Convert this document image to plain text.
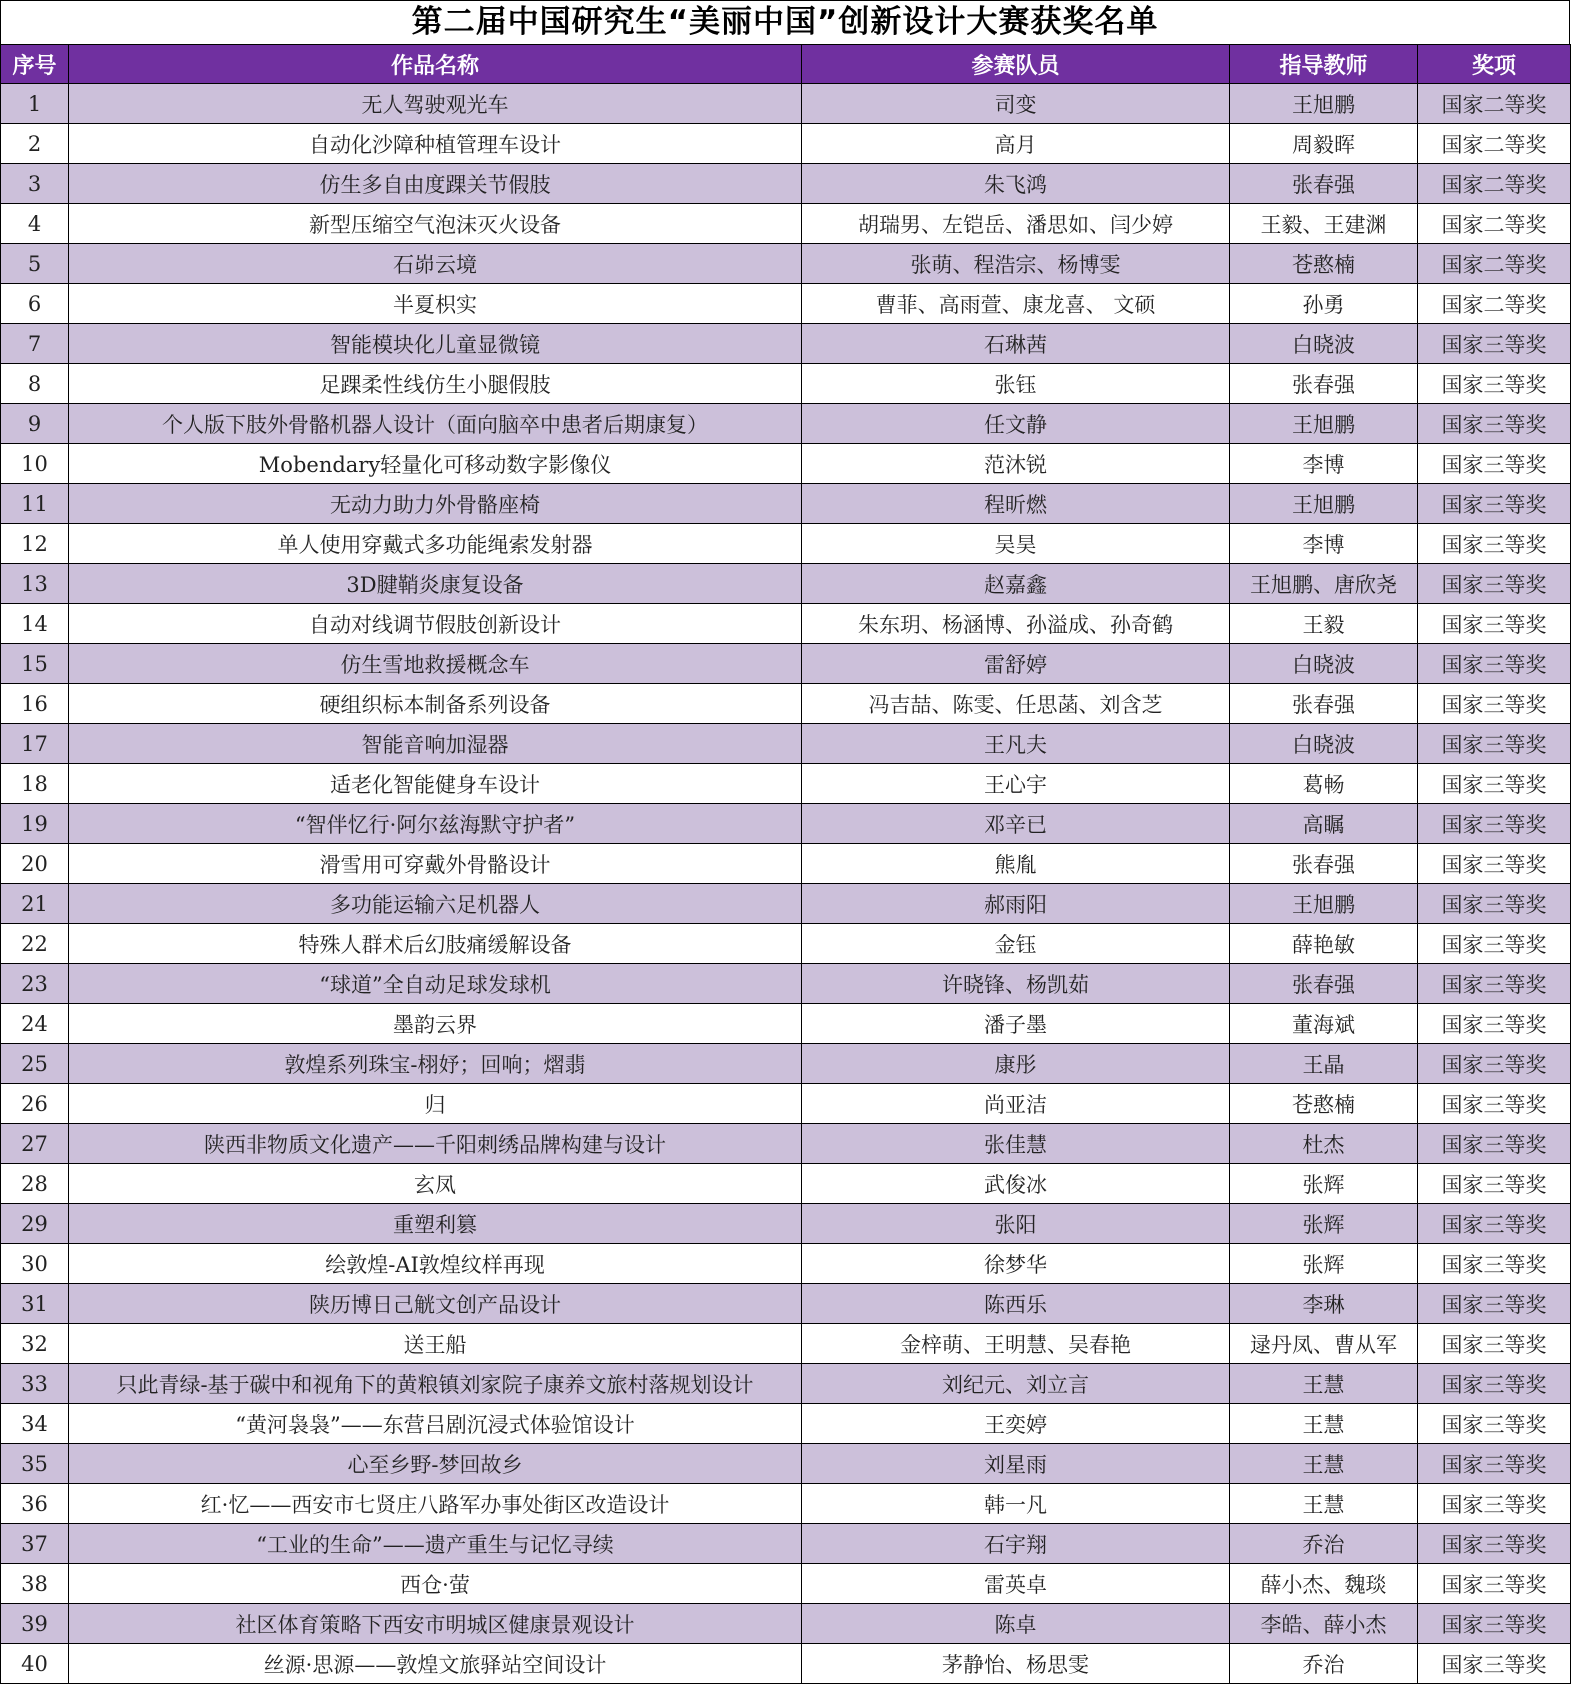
第二届中国研究生“美丽中国”创新设计大赛获奖名单
序号	作品名称	参赛队员	指导教师	奖项
1	无人驾驶观光车	司变	王旭鹏	国家二等奖
2	自动化沙障种植管理车设计	高月	周毅晖	国家二等奖
3	仿生多自由度踝关节假肢	朱飞鸿	张春强	国家二等奖
4	新型压缩空气泡沫灭火设备	胡瑞男、左铠岳、潘思如、闫少婷	王毅、王建渊	国家二等奖
5	石峁云境	张萌、程浩宗、杨博雯	苍憨楠	国家二等奖
6	半夏枳实	曹菲、高雨萱、康龙喜、 文硕	孙勇	国家二等奖
7	智能模块化儿童显微镜	石琳茜	白晓波	国家三等奖
8	足踝柔性线仿生小腿假肢	张钰	张春强	国家三等奖
9	个人版下肢外骨骼机器人设计（面向脑卒中患者后期康复）	任文静	王旭鹏	国家三等奖
10	Mobendary轻量化可移动数字影像仪	范沐锐	李博	国家三等奖
11	无动力助力外骨骼座椅	程昕燃	王旭鹏	国家三等奖
12	单人使用穿戴式多功能绳索发射器	吴昊	李博	国家三等奖
13	3D腱鞘炎康复设备	赵嘉鑫	王旭鹏、唐欣尧	国家三等奖
14	自动对线调节假肢创新设计	朱东玥、杨涵博、孙溢成、孙奇鹤	王毅	国家三等奖
15	仿生雪地救援概念车	雷舒婷	白晓波	国家三等奖
16	硬组织标本制备系列设备	冯吉喆、陈雯、任思菡、刘含芝	张春强	国家三等奖
17	智能音响加湿器	王凡夫	白晓波	国家三等奖
18	适老化智能健身车设计	王心宇	葛畅	国家三等奖
19	“智伴忆行·阿尔兹海默守护者”	邓辛已	高瞩	国家三等奖
20	滑雪用可穿戴外骨骼设计	熊胤	张春强	国家三等奖
21	多功能运输六足机器人	郝雨阳	王旭鹏	国家三等奖
22	特殊人群术后幻肢痛缓解设备	金钰	薛艳敏	国家三等奖
23	“球道”全自动足球发球机	许晓锋、杨凯茹	张春强	国家三等奖
24	墨韵云界	潘子墨	董海斌	国家三等奖
25	敦煌系列珠宝-栩妤；回响；熠翡	康彤	王晶	国家三等奖
26	归	尚亚洁	苍憨楠	国家三等奖
27	陕西非物质文化遗产——千阳刺绣品牌构建与设计	张佳慧	杜杰	国家三等奖
28	玄凤	武俊冰	张辉	国家三等奖
29	重塑利篡	张阳	张辉	国家三等奖
30	绘敦煌-AI敦煌纹样再现	徐梦华	张辉	国家三等奖
31	陕历博日己觥文创产品设计	陈西乐	李琳	国家三等奖
32	送王船	金梓萌、王明慧、吴春艳	逯丹凤、曹从军	国家三等奖
33	只此青绿-基于碳中和视角下的黄粮镇刘家院子康养文旅村落规划设计	刘纪元、刘立言	王慧	国家三等奖
34	“黄河袅袅”——东营吕剧沉浸式体验馆设计	王奕婷	王慧	国家三等奖
35	心至乡野-梦回故乡	刘星雨	王慧	国家三等奖
36	红·忆——西安市七贤庄八路军办事处街区改造设计	韩一凡	王慧	国家三等奖
37	“工业的生命”——遗产重生与记忆寻续	石宇翔	乔治	国家三等奖
38	西仓·萤	雷英卓	薛小杰、魏琰	国家三等奖
39	社区体育策略下西安市明城区健康景观设计	陈卓	李皓、薛小杰	国家三等奖
40	丝源·思源——敦煌文旅驿站空间设计	茅静怡、杨思雯	乔治	国家三等奖
